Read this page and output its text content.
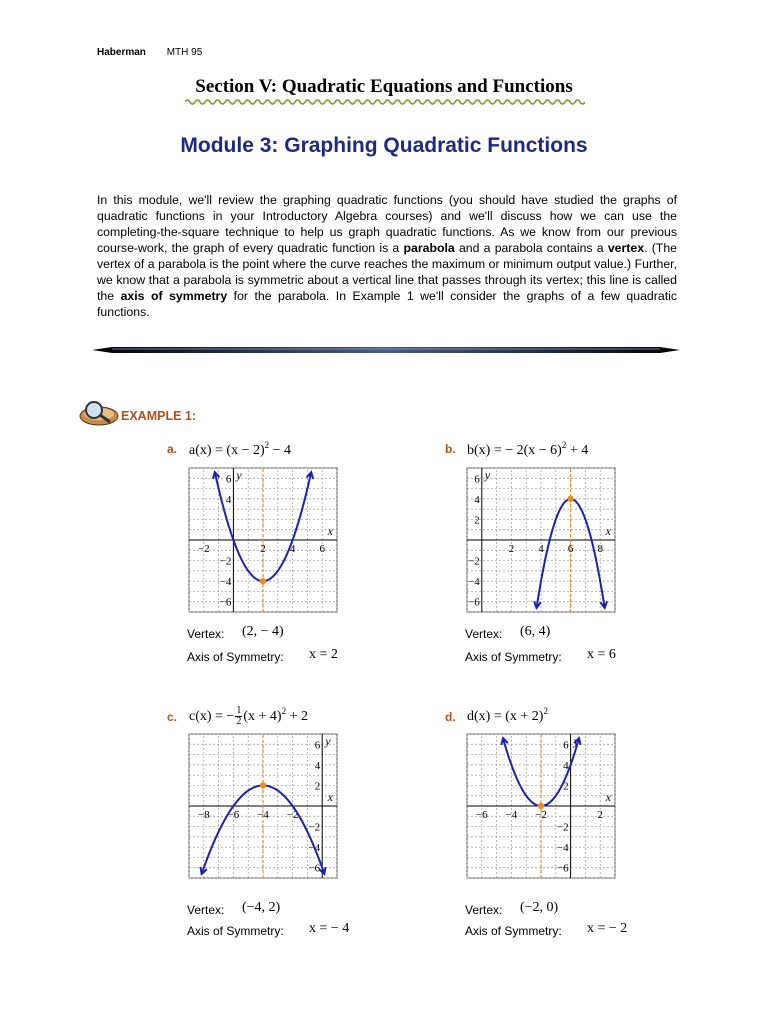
Haberman MTH 95
Section V: Quadratic Equations and Functions
Module 3: Graphing Quadratic Functions
In this module, we'll review the graphing quadratic functions (you should have studied the graphs of quadratic functions in your Introductory Algebra courses) and we'll discuss how we can use the completing-the-square technique to help us graph quadratic functions. As we know from our previous course-work, the graph of every quadratic function is a parabola and a parabola contains a vertex. (The vertex of a parabola is the point where the curve reaches the maximum or minimum output value.) Further, we know that a parabola is symmetric about a vertical line that passes through its vertex; this line is called the axis of symmetry for the parabola. In Example 1 we'll consider the graphs of a few quadratic functions.
EXAMPLE 1:
a. $a(x) = (x - 2)^2 - 4$
−2	2 4 6
6
4
−2
−4
−6
x
y
Vertex: (2, − 4)
Axis of Symmetry: x = 2
b. b(x) = − $2(x - 6)^2 + 4$
2 4 6 8
6
4
2
−2
−4
−6
x
y
Vertex: (6, 4)
Axis of Symmetry: x = 6
c. c(x) = − $\frac{1}{2} (x + 4)^2 + 2$
−8 −6 −4 −2
6
4
2
−2
−4
−6
x
y
Vertex: (−4, 2)
Axis of Symmetry: x = − 4
d. $d(x) = (x + 2)^2$
−6 −4 −2	2
6
4
2
−2
−4
−6
x
y
Vertex: (−2, 0)
Axis of Symmetry: x = − 2
